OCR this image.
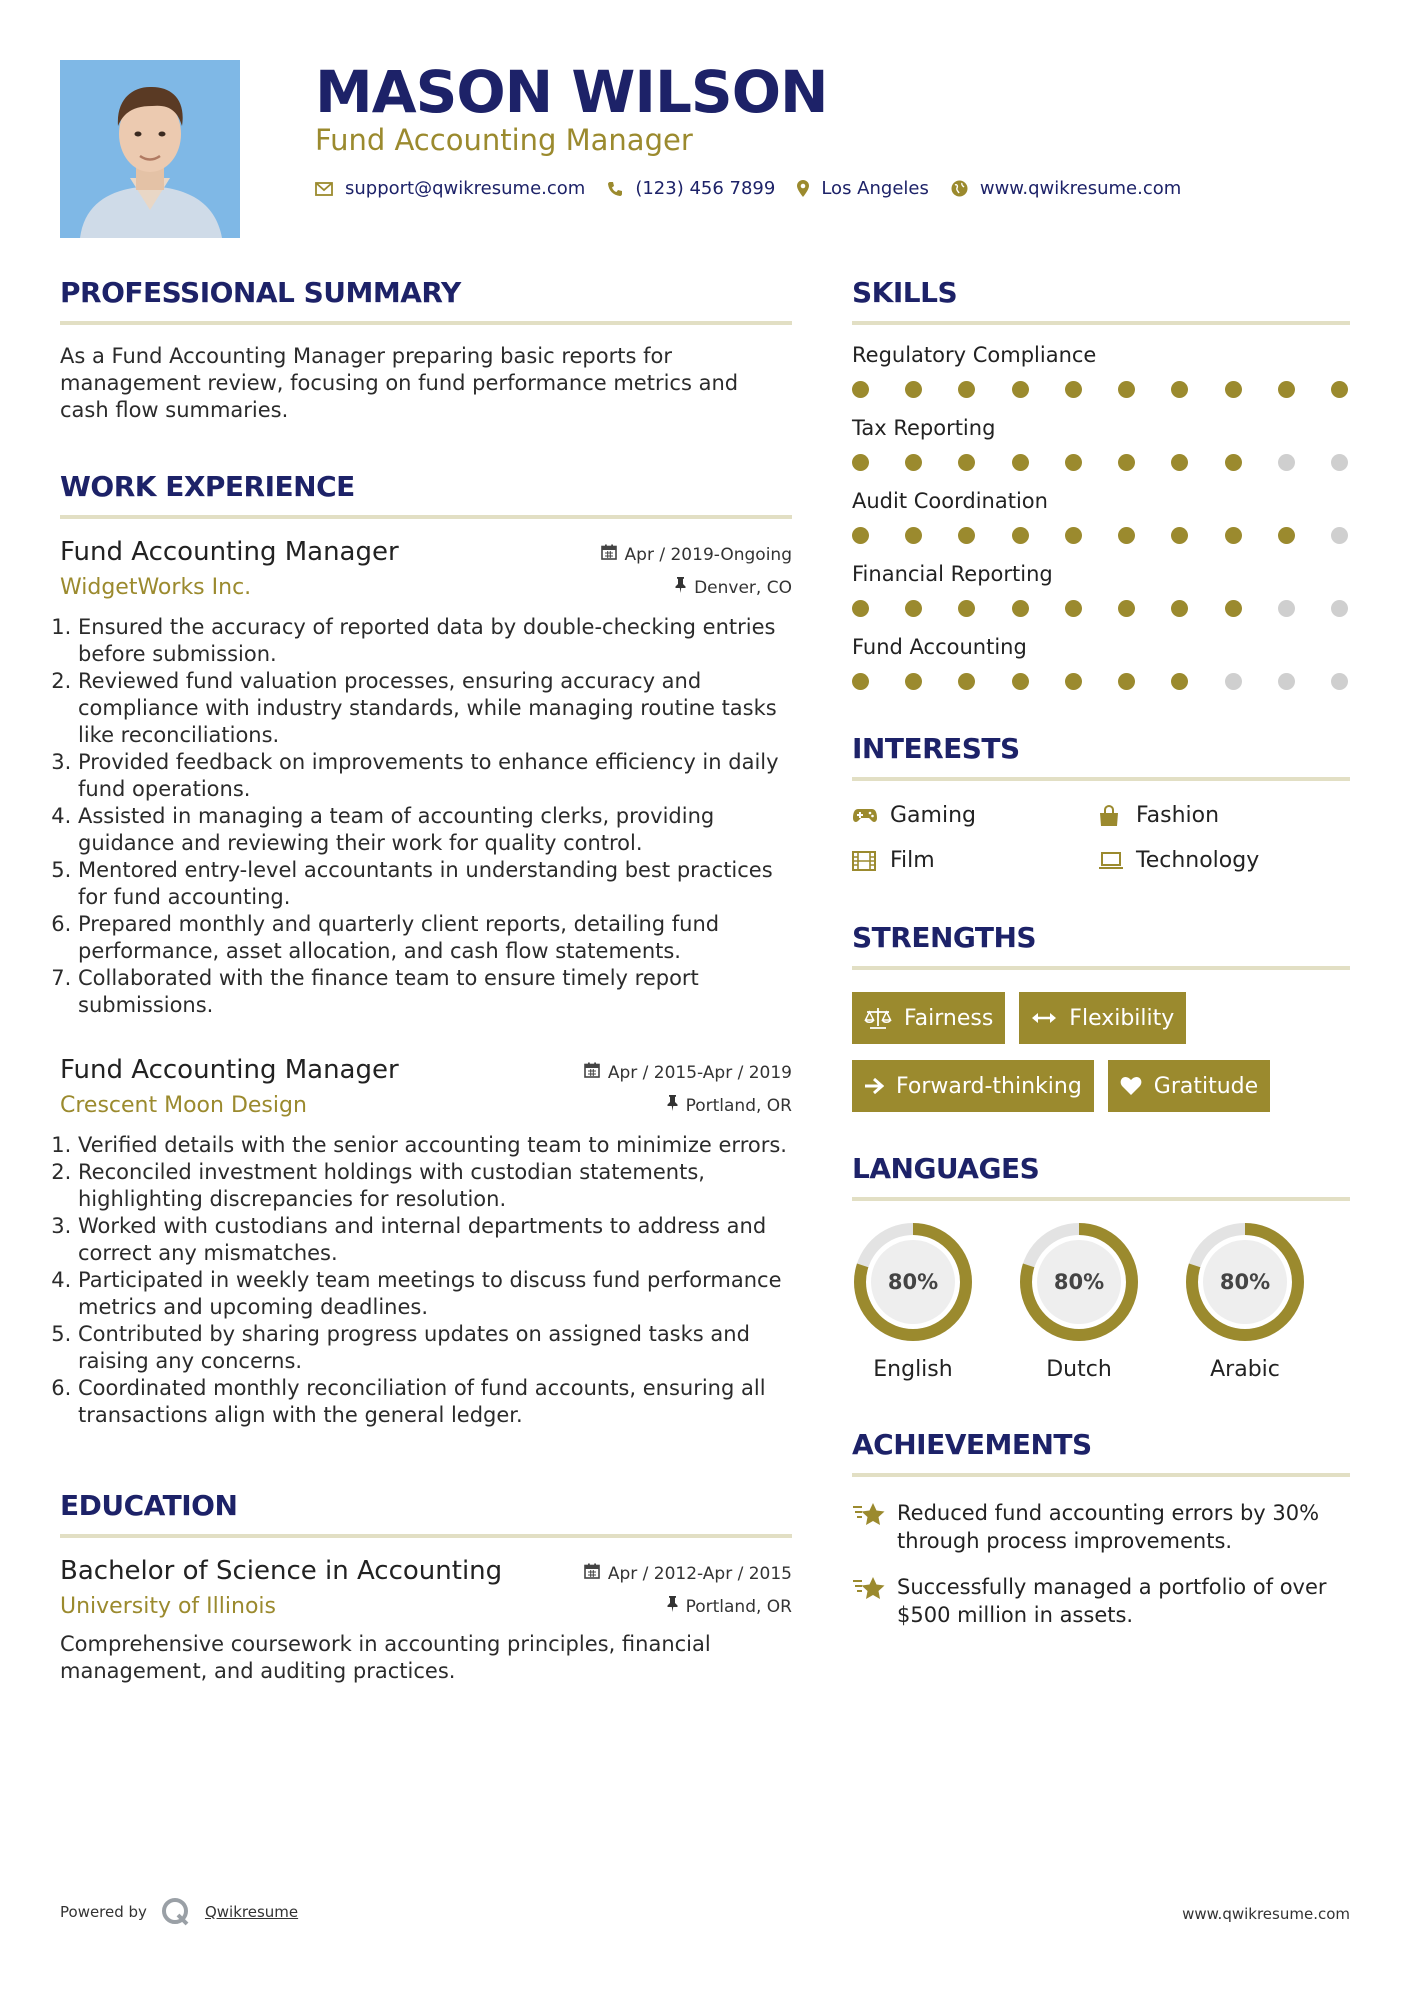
MASON WILSON
Fund Accounting Manager
support@qwikresume.com	(123) 456 7899	Los Angeles	www.qwikresume.com
PROFESSIONAL SUMMARY

As a Fund Accounting Manager preparing basic reports for management review, focusing on fund performance metrics and cash flow summaries.

WORK EXPERIENCE
Fund Accounting Manager	Apr / 2019-Ongoing
WidgetWorks Inc.	Denver, CO
1. Ensured the accuracy of reported data by double-checking entries before submission.
2. Reviewed fund valuation processes, ensuring accuracy and compliance with industry standards, while managing routine tasks like reconciliations.
3. Provided feedback on improvements to enhance efficiency in daily fund operations.
4. Assisted in managing a team of accounting clerks, providing guidance and reviewing their work for quality control.
5. Mentored entry-level accountants in understanding best practices for fund accounting.
6. Prepared monthly and quarterly client reports, detailing fund performance, asset allocation, and cash flow statements.
7. Collaborated with the finance team to ensure timely report submissions.
Fund Accounting Manager	Apr / 2015-Apr / 2019
Crescent Moon Design	Portland, OR
1. Verified details with the senior accounting team to minimize errors.
2. Reconciled investment holdings with custodian statements, highlighting discrepancies for resolution.
3. Worked with custodians and internal departments to address and correct any mismatches.
4. Participated in weekly team meetings to discuss fund performance metrics and upcoming deadlines.
5. Contributed by sharing progress updates on assigned tasks and raising any concerns.
6. Coordinated monthly reconciliation of fund accounts, ensuring all transactions align with the general ledger.
EDUCATION
Bachelor of Science in Accounting	Apr / 2012-Apr / 2015
University of Illinois	Portland, OR

Comprehensive coursework in accounting principles, financial management, and auditing practices.

SKILLS
Regulatory Compliance
Tax Reporting
Audit Coordination
Financial Reporting
Fund Accounting
INTERESTS
Gaming	Fashion
Film	Technology
STRENGTHS
Fairness	Flexibility
Forward-thinking	Gratitude
LANGUAGES
80%
English
80%
Dutch
80%
Arabic
ACHIEVEMENTS
Reduced fund accounting errors by 30% through process improvements.
Successfully managed a portfolio of over $500 million in assets.
Powered by	Qwikresume	www.qwikresume.com
